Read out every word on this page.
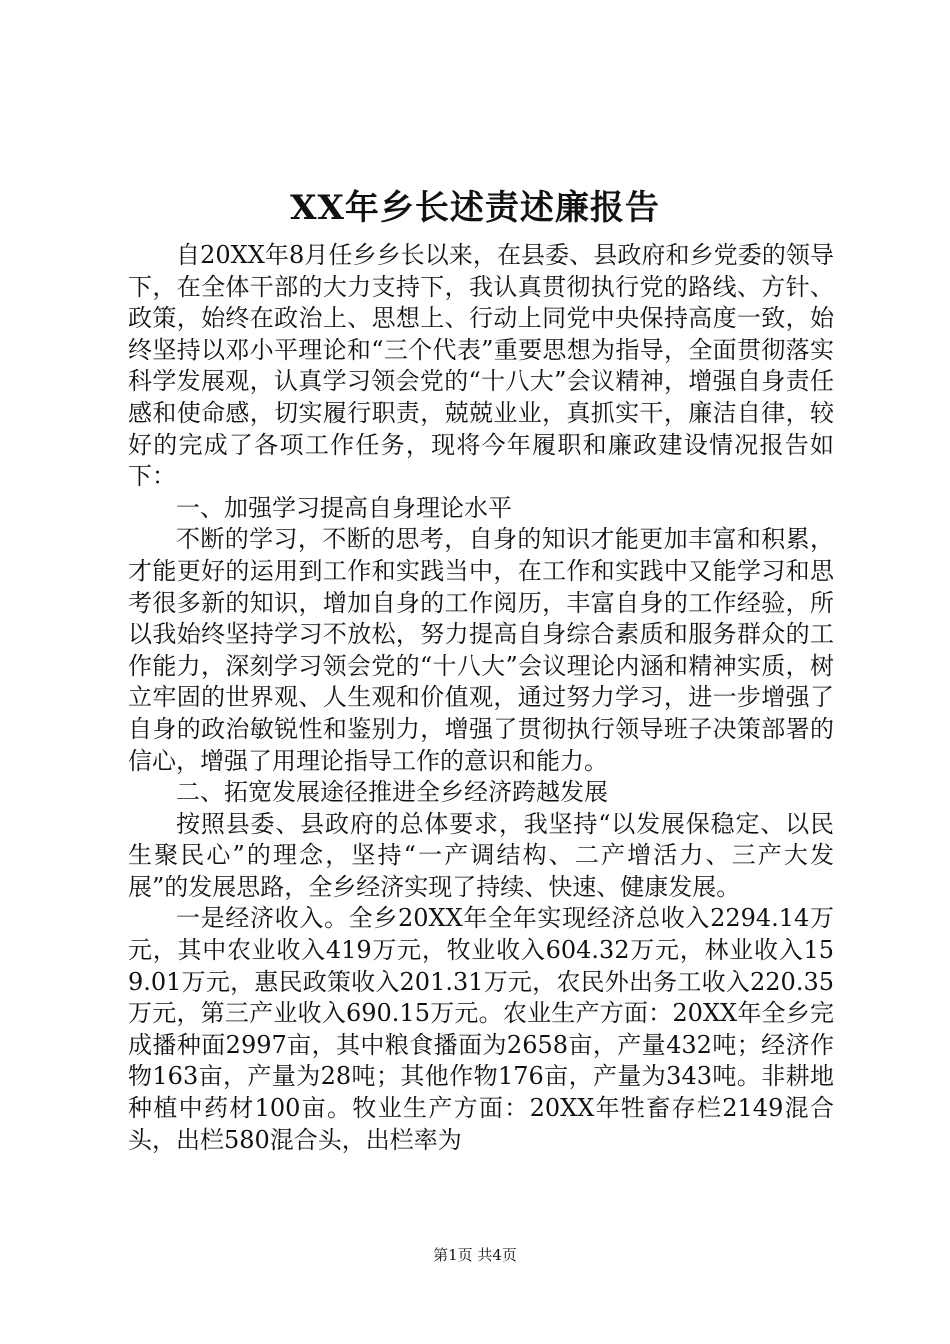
XX年乡长述责述廉报告

自20XX年8月任乡乡长以来，在县委、县政府和乡党委的领导下，在全体干部的大力支持下，我认真贯彻执行党的路线、方针、政策，始终在政治上、思想上、行动上同党中央保持高度一致，始终坚持以邓小平理论和“三个代表”重要思想为指导，全面贯彻落实科学发展观，认真学习领会党的“十八大”会议精神，增强自身责任感和使命感，切实履行职责，兢兢业业，真抓实干，廉洁自律，较好的完成了各项工作任务，现将今年履职和廉政建设情况报告如下：

一、加强学习提高自身理论水平

不断的学习，不断的思考，自身的知识才能更加丰富和积累，才能更好的运用到工作和实践当中，在工作和实践中又能学习和思考很多新的知识，增加自身的工作阅历，丰富自身的工作经验，所以我始终坚持学习不放松，努力提高自身综合素质和服务群众的工作能力，深刻学习领会党的“十八大”会议理论内涵和精神实质，树立牢固的世界观、人生观和价值观，通过努力学习，进一步增强了自身的政治敏锐性和鉴别力，增强了贯彻执行领导班子决策部署的信心，增强了用理论指导工作的意识和能力。

二、拓宽发展途径推进全乡经济跨越发展

按照县委、县政府的总体要求，我坚持“以发展保稳定、以民生聚民心”的理念，坚持“一产调结构、二产增活力、三产大发展”的发展思路，全乡经济实现了持续、快速、健康发展。

一是经济收入。全乡20XX年全年实现经济总收入2294.14万元，其中农业收入419万元，牧业收入604.32万元，林业收入159.01万元，惠民政策收入201.31万元，农民外出务工收入220.35万元，第三产业收入690.15万元。农业生产方面：20XX年全乡完成播种面2997亩，其中粮食播面为2658亩，产量432吨；经济作物163亩，产量为28吨；其他作物176亩，产量为343吨。非耕地种植中药材100亩。牧业生产方面：20XX年牲畜存栏2149混合头，出栏580混合头，出栏率为

第1页 共4页
